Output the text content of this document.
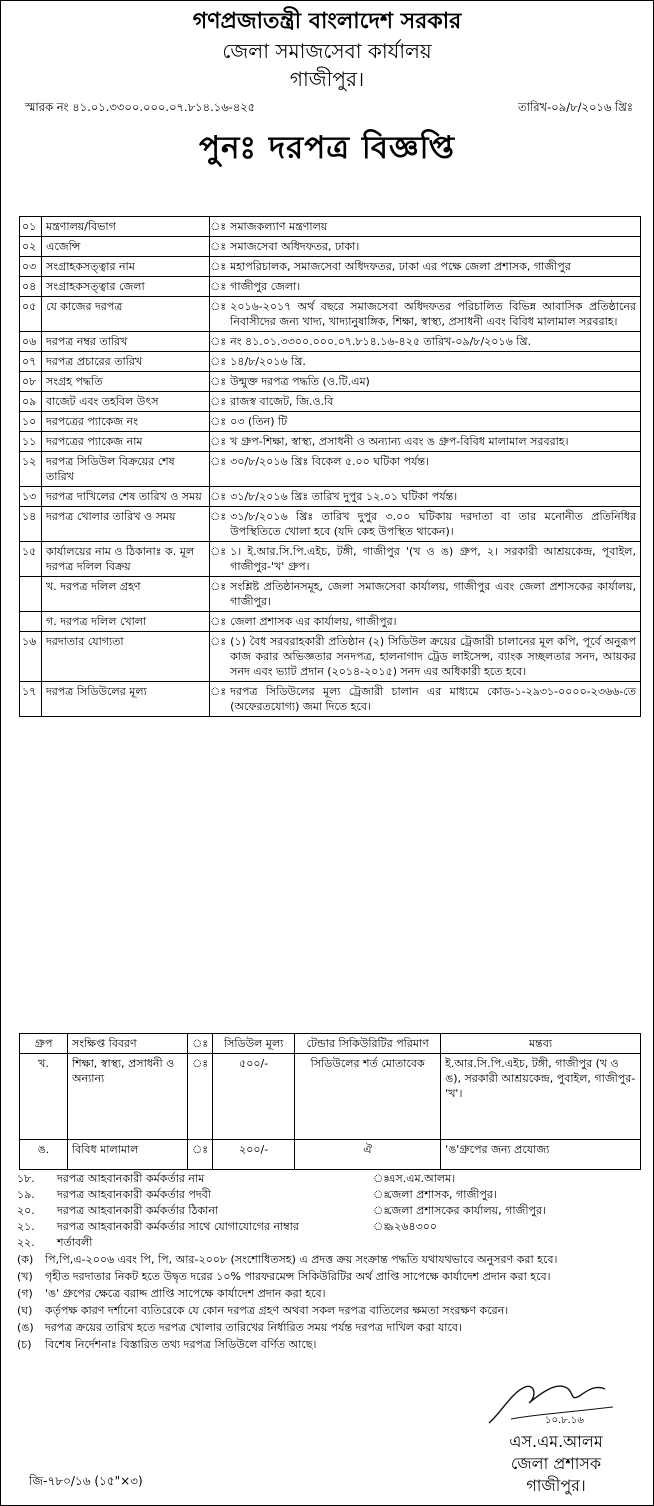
গণপ্রজাতন্ত্রী বাংলাদেশ সরকার
জেলা সমাজসেবা কার্যালয়
গাজীপুর।
স্মারক নং ৪১.০১.৩৩০০.০০০.০৭.৮১৪.১৬-৪২৫	তারিখ-০৯/৮/২০১৬ খ্রিঃ
পুনঃ দরপত্র বিজ্ঞপ্তি
০১	মন্ত্রণালয়/বিভাগ	ঃ	সমাজকল্যাণ মন্ত্রণালয়
০২	এজেন্সি	ঃ	সমাজসেবা অধিদফতর, ঢাকা।
০৩	সংগ্রাহকসত্ত্বার নাম	ঃ	মহাপরিচালক, সমাজসেবা অধিদফতর, ঢাকা এর পক্ষে জেলা প্রশাসক, গাজীপুর
০৪	সংগ্রাহকসত্ত্বার জেলা	ঃ	গাজীপুর জেলা।
০৫	যে কাজের দরপত্র	ঃ	২০১৬-২০১৭ অর্থ বছরে সমাজসেবা অধিদফতর পরিচালিত বিভিন্ন আবাসিক প্রতিষ্ঠানের নিবাসীদের জন্য খাদ্য, খাদ্যানুষাঙ্গিক, শিক্ষা, স্বাস্থ্য, প্রসাধনী এবং বিবিধ মালামাল সরবরাহ।
০৬	দরপত্র নম্বর তারিখ	ঃ	নং ৪১.০১.৩৩০০.০০০.০৭.৮১৪.১৬-৪২৫ তারিখ-০৯/৮/২০১৬ খ্রি.
০৭	দরপত্র প্রচারের তারিখ	ঃ	১৪/৮/২০১৬ খ্রি.
০৮	সংগ্রহ পদ্ধতি	ঃ	উন্মুক্ত দরপত্র পদ্ধতি (ও.টি.এম)
০৯	বাজেট এবং তহবিল উৎস	ঃ	রাজস্ব বাজেট, জি.ও.বি
১০	দরপত্রের প্যাকেজ নং	ঃ	০৩ (তিন) টি
১১	দরপত্রের প্যাকেজ নাম	ঃ	খ গ্রুপ-শিক্ষা, স্বাস্থ্য, প্রসাধনী ও অন্যান্য এবং ঙ গ্রুপ-বিবিধ মালামাল সরবরাহ।
১২	দরপত্র সিডিউল বিক্রয়ের শেষ তারিখ	ঃ	৩০/৮/২০১৬ খ্রিঃ বিকেল ৫.০০ ঘটিকা পর্যন্ত।
১৩	দরপত্র দাখিলের শেষ তারিখ ও সময়	ঃ	৩১/৮/২০১৬ খ্রিঃ তারিখ দুপুর ১২.০১ ঘটিকা পর্যন্ত।
১৪	দরপত্র খোলার তারিখ ও সময়	ঃ	৩১/৮/২০১৬ খ্রিঃ তারিখ দুপুর ৩.০০ ঘটিকায় দরদাতা বা তার মনোনীত প্রতিনিধির উপস্থিতিতে খোলা হবে (যদি কেহ উপস্থিত থাকেন)।
১৫	কার্যালয়ের নাম ও ঠিকানাঃ ক. মূল দরপত্র দলিল বিক্রয়	ঃ	১। ই.আর.সি.পি.এইচ, টঙ্গী, গাজীপুর '(খ ও ঙ) গ্রুপ, ২। সরকারী আশ্রয়কেন্দ্র, পূবাইল, গাজীপুর-'খ' গ্রুপ।
	খ. দরপত্র দলিল গ্রহণ	ঃ	সংশ্লিষ্ট প্রতিষ্ঠানসমূহ, জেলা সমাজসেবা কার্যালয়, গাজীপুর এবং জেলা প্রশাসকের কার্যালয়, গাজীপুর।
	গ. দরপত্র দলিল খোলা	ঃ	জেলা প্রশাসক এর কার্যালয়, গাজীপুর।
১৬	দরদাতার যোগ্যতা	ঃ	(১) বৈধ সরবরাহকারী প্রতিষ্ঠান (২) সিডিউল ক্রয়ের ট্রেজারী চালানের মূল কপি, পূর্বে অনুরূপ কাজ করার অভিজ্ঞতার সনদপত্র, হালনাগাদ ট্রেড লাইসেন্স, ব্যাংক সচ্ছলতার সনদ, আয়কর সনদ এবং ভ্যাট প্রদান (২০১৪-২০১৫) সনদ এর অধিকারী হতে হবে।
১৭	দরপত্র সিডিউলের মূল্য	ঃ	দরপত্র সিডিউলের মূল্য ট্রেজারী চালান এর মাধ্যমে কোড-১-২৯৩১-০০০০-২৩৬৬-তে (অফেরতযোগ্য) জমা দিতে হবে।
গ্রুপ	সংক্ষিপ্ত বিবরণ	ঃ	সিডিউল মূল্য	টেন্ডার সিকিউরিটির পরিমাণ	মন্তব্য
খ.	শিক্ষা, স্বাস্থ্য, প্রসাধনী ও অন্যান্য	ঃ	৫০০/-	সিডিউলের শর্ত মোতাবেক	ই.আর.সি.পি.এইচ, টঙ্গী, গাজীপুর (খ ও ঙ), সরকারী আশ্রয়কেন্দ্র, পুবাইল, গাজীপুর-'খ'।
ঙ.	বিবিধ মালামাল	ঃ	২০০/-	ঐ	'ঙ'গ্রুপের জন্য প্রযোজ্য
১৮.	দরপত্র আহবানকারী কর্মকর্তার নাম	ঃ
এস.এম.আলম।
১৯.	দরপত্র আহবানকারী কর্মকর্তার পদবী	ঃ
জেলা প্রশাসক, গাজীপুর।
২০.	দরপত্র আহবানকারী কর্মকর্তার ঠিকানা	ঃ
জেলা প্রশাসকের কার্যালয়, গাজীপুর।
২১.	দরপত্র আহবানকারী কর্মকর্তার সাথে যোগাযোগের নাম্বার	ঃ
৯২৬৪৩০০
২২.	শর্তাবলী
(ক)	পি,পি,এ-২০০৬ এবং পি, পি, আর-২০০৮ (সংশোধিতসহ) এ প্রদত্ত ক্রয় সংক্রান্ত পদ্ধতি যথাযথভাবে অনুসরণ করা হবে।
(খ)	গৃহীত দরদাতার নিকট হতে উদ্বৃত দরের ১০% পারফরমেন্স সিকিউরিটির অর্থ প্রাপ্তি সাপেক্ষে কার্যাদেশ প্রদান করা হবে।
(গ)	'ঙ' গ্রুপের ক্ষেত্রে বরাদ্দ প্রাপ্তি সাপেক্ষে কার্যাদেশ প্রদান করা হবে।
(ঘ)	কর্তৃপক্ষ কারণ দর্শানো ব্যতিরেকে যে কোন দরপত্র গ্রহণ অথবা সকল দরপত্র বাতিলের ক্ষমতা সংরক্ষণ করেন।
(ঙ)	দরপত্র ক্রয়ের তারিখ হতে দরপত্র খোলার তারিখের নির্ধারিত সময় পর্যন্ত দরপত্র দাখিল করা যাবে।
(চ)	বিশেষ নির্দেশনাঃ বিস্তারিত তথ্য দরপত্র সিডিউলে বর্ণিত আছে।
১০.৮.১৬
এস.এম.আলম
জেলা প্রশাসক
গাজীপুর।
জি-৭৮০/১৬ (১৫"×৩)
